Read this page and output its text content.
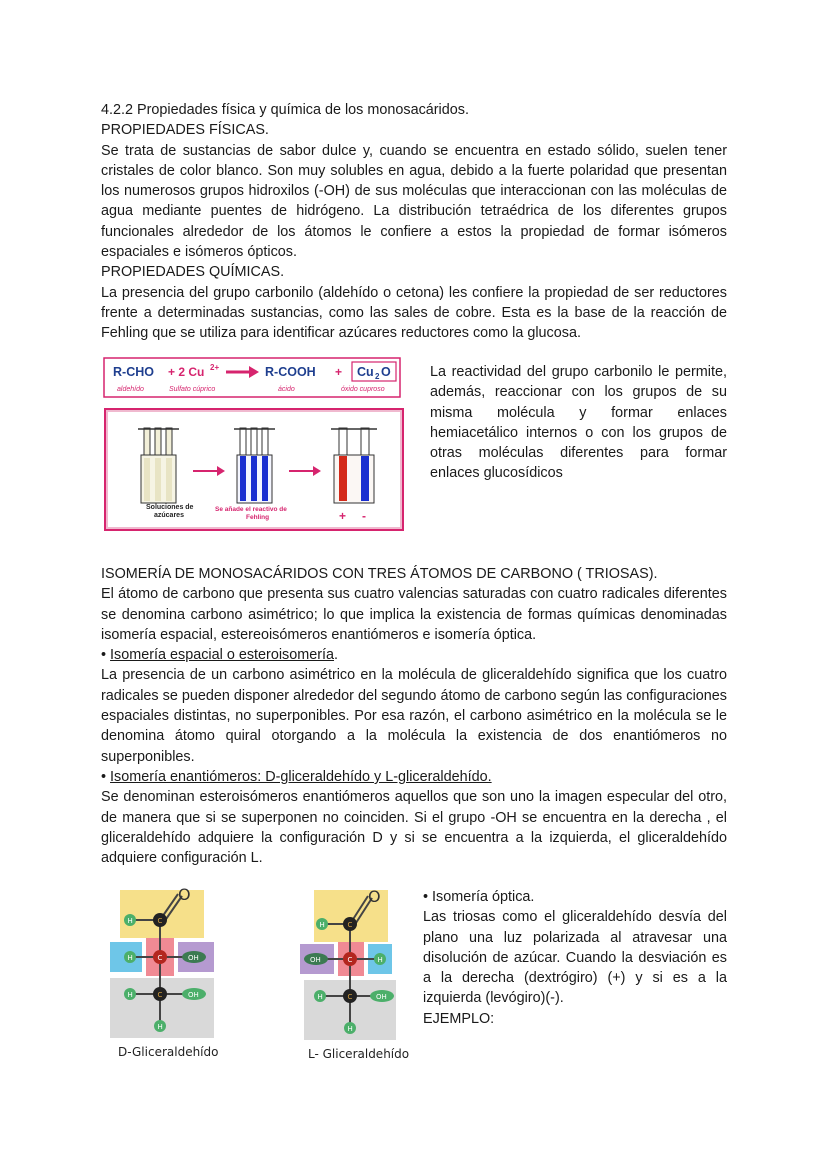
4.2.2 Propiedades física y química de los monosacáridos.

PROPIEDADES FÍSICAS.

Se trata de sustancias de sabor dulce y, cuando se encuentra en estado sólido, suelen tener cristales de color blanco. Son muy solubles en agua, debido a la fuerte polaridad que presentan los numerosos grupos hidroxilos (-OH) de sus moléculas que interaccionan con las moléculas de agua mediante puentes de hidrógeno. La distribución tetraédrica de los diferentes grupos funcionales alrededor de los átomos le confiere a estos la propiedad de formar isómeros espaciales e isómeros ópticos.

PROPIEDADES QUÍMICAS.

La presencia del grupo carbonilo (aldehído o cetona) les confiere la propiedad de ser reductores frente a determinadas sustancias, como las sales de cobre. Esta es la base de la reacción de Fehling que se utiliza para identificar azúcares reductores como la glucosa.

R-CHO + 2 Cu 2+	R-COOH + Cu 2 O
aldehído	Sulfato cúprico	ácido	óxido cuproso
Soluciones de
azúcares
Se añade el reactivo de
Fehling	+ -
La reactividad del grupo carbonilo le permite, además, reaccionar con los grupos de su misma molécula y formar enlaces hemiacetálico internos o con los grupos de otras moléculas diferentes para formar enlaces glucosídicos

ISOMERÍA DE MONOSACÁRIDOS CON TRES ÁTOMOS DE CARBONO ( TRIOSAS).

El átomo de carbono que presenta sus cuatro valencias saturadas con cuatro radicales diferentes se denomina carbono asimétrico; lo que implica la existencia de formas químicas denominadas isomería espacial, estereoisómeros enantiómeros e isomería óptica.

• Isomería espacial o esteroisomería.

La presencia de un carbono asimétrico en la molécula de gliceraldehído significa que los cuatro radicales se pueden disponer alrededor del segundo átomo de carbono según las configuraciones espaciales distintas, no superponibles. Por esa razón, el carbono asimétrico en la molécula se le denomina átomo quiral otorgando a la molécula la existencia de dos enantiómeros no superponibles.

• Isomería enantiómeros: D-gliceraldehído y L-gliceraldehído.

Se denominan esteroisómeros enantiómeros aquellos que son uno la imagen especular del otro, de manera que si se superponen no coinciden. Si el grupo -OH se encuentra en la derecha , el gliceraldehído adquiere la configuración D y si se encuentra a la izquierda, el gliceraldehído adquiere configuración L.

O
H	C
H	C	OH
H	C	OH
H
D-Gliceraldehído
O
H	C
OH	C	H
H	C	OH
H
L- Gliceraldehído

• Isomería óptica.

Las triosas como el gliceraldehído desvía del plano una luz polarizada al atravesar una disolución de azúcar. Cuando la desviación es a la derecha (dextrógiro) (+) y si es a la izquierda (levógiro)(-).

EJEMPLO:
